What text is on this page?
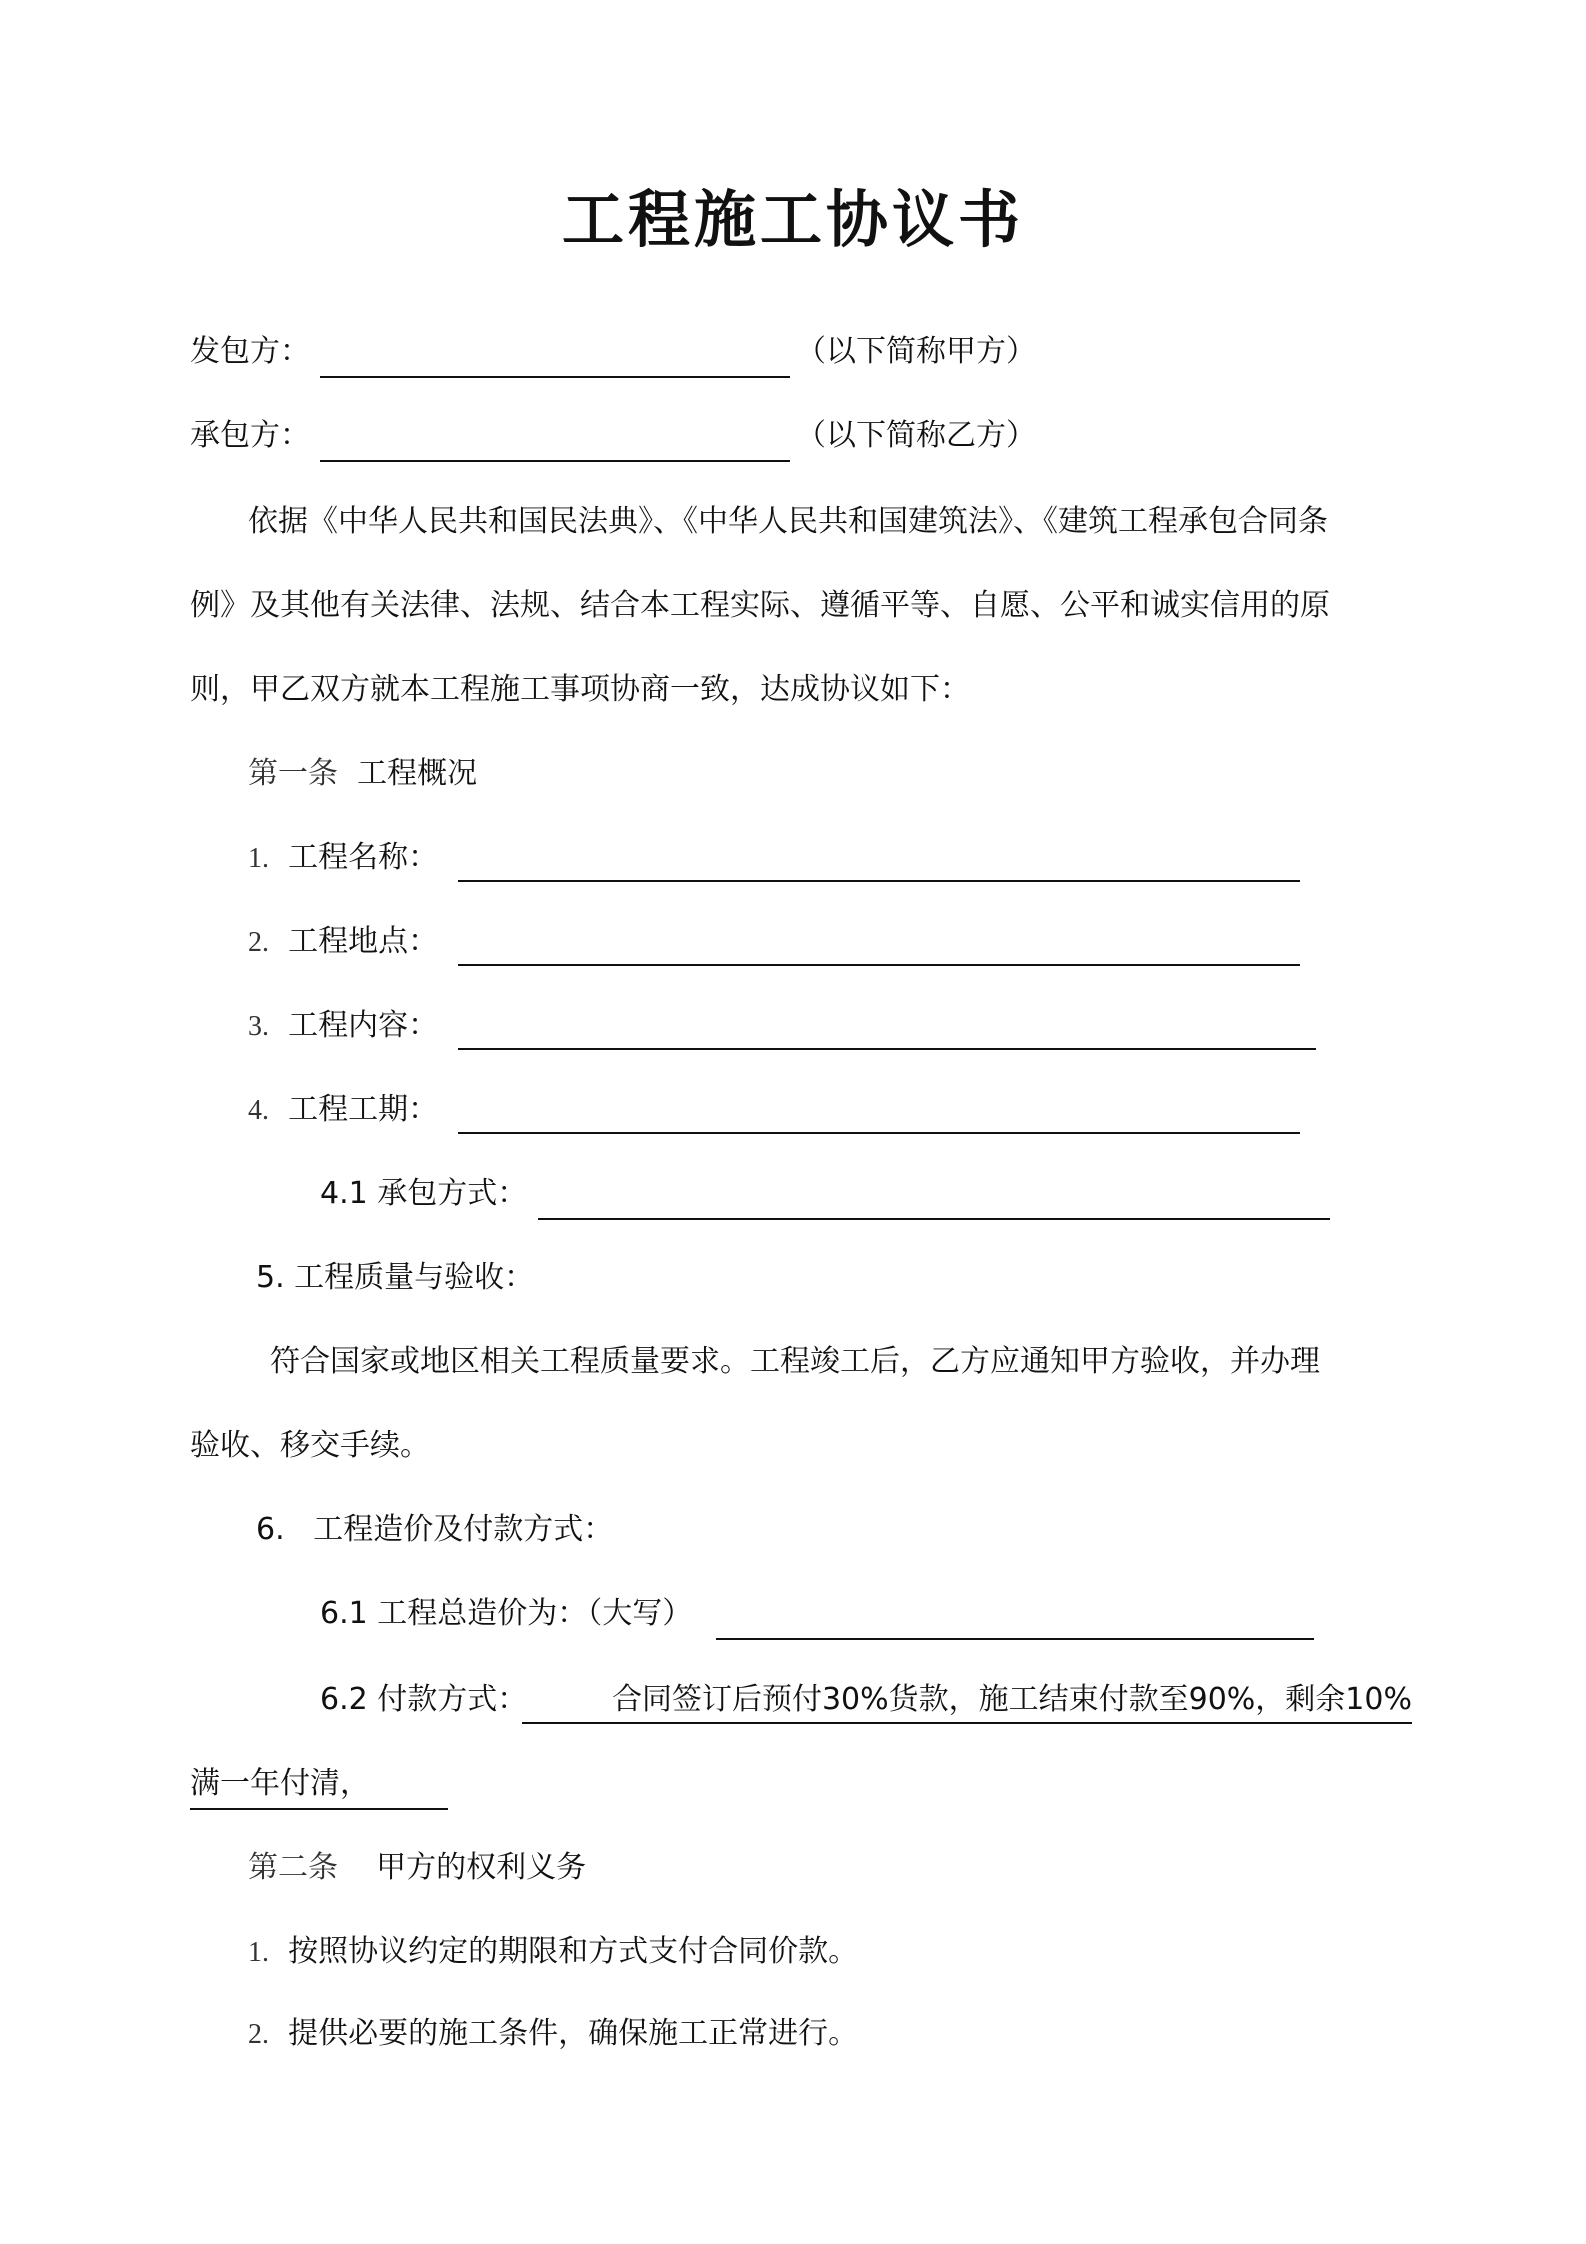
工程施工协议书
发包方：	（以下简称甲方）
承包方：	（以下简称乙方）
依据《中华人民共和国民法典》、《中华人民共和国建筑法》、《建筑工程承包合同条
例》及其他有关法律、法规、结合本工程实际、遵循平等、自愿、公平和诚实信用的原
则，甲乙双方就本工程施工事项协商一致，达成协议如下：
第一条 工程概况
1. 工程名称：
2. 工程地点：
3. 工程内容：
4. 工程工期：
4.1 承包方式：
5. 工程质量与验收：
符合国家或地区相关工程质量要求。工程竣工后，乙方应通知甲方验收，并办理
验收、移交手续。
6. 工程造价及付款方式：
6.1 工程总造价为：（大写）
6.2 付款方式：	合同签订后预付30%货款，施工结束付款至90%，剩余10%
满一年付清，
第二条 甲方的权利义务
1. 按照协议约定的期限和方式支付合同价款。
2. 提供必要的施工条件，确保施工正常进行。
